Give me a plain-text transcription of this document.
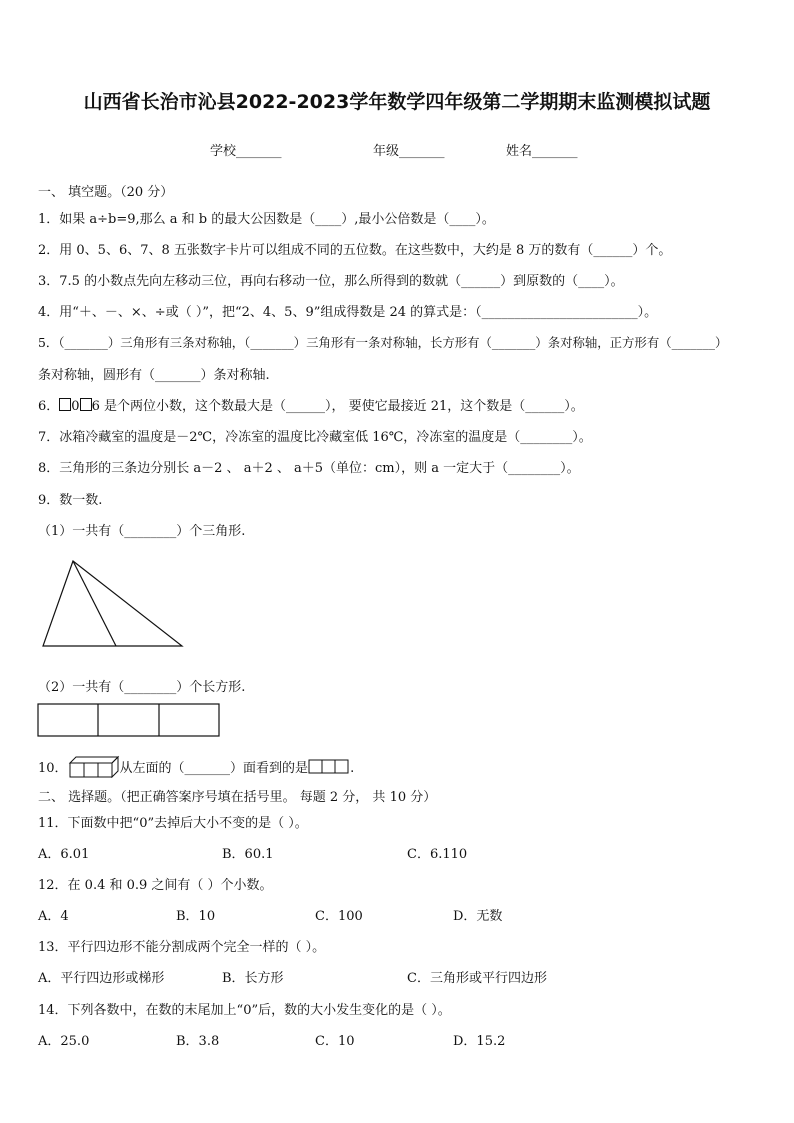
山西省长治市沁县2022-2023学年数学四年级第二学期期末监测模拟试题
学校_______	年级_______	姓名_______
一、 填空题。（20 分）
1．如果 a÷b=9,那么 a 和 b 的最大公因数是（____）,最小公倍数是（____）。
2．用 0、5、6、7、8 五张数字卡片可以组成不同的五位数。在这些数中，大约是 8 万的数有（______）个。
3．7.5 的小数点先向左移动三位，再向右移动一位，那么所得到的数就（______）到原数的（____）。
4．用“＋、－、×、÷或（ ）”，把“2、4、5、9”组成得数是 24 的算式是：（________________________）。
5．（_______）三角形有三条对称轴，（_______）三角形有一条对称轴，长方形有（_______）条对称轴，正方形有（_______）
条对称轴，圆形有（_______）条对称轴.
6． 0 6 是个两位小数，这个数最大是（______）， 要使它最接近 21，这个数是（______）。
7．冰箱冷藏室的温度是－2℃，冷冻室的温度比冷藏室低 16℃，冷冻室的温度是（________）。
8．三角形的三条边分别长 a－2 、 a＋2 、 a＋5（单位：cm），则 a 一定大于（________）。
9．数一数.
（1）一共有（________）个三角形.
（2）一共有（________）个长方形.
10．	从左面的（_______）面看到的是	.
二、 选择题。（把正确答案序号填在括号里。 每题 2 分， 共 10 分）
11．下面数中把“0”去掉后大小不变的是（ ）。
A．6.01	B．60.1	C．6.110
12．在 0.4 和 0.9 之间有（ ）个小数。
A．4	B．10	C．100	D．无数
13．平行四边形不能分割成两个完全一样的（ ）。
A．平行四边形或梯形	B．长方形	C．三角形或平行四边形
14．下列各数中，在数的末尾加上“0”后，数的大小发生变化的是（ ）。
A．25.0	B．3.8	C．10	D．15.2
